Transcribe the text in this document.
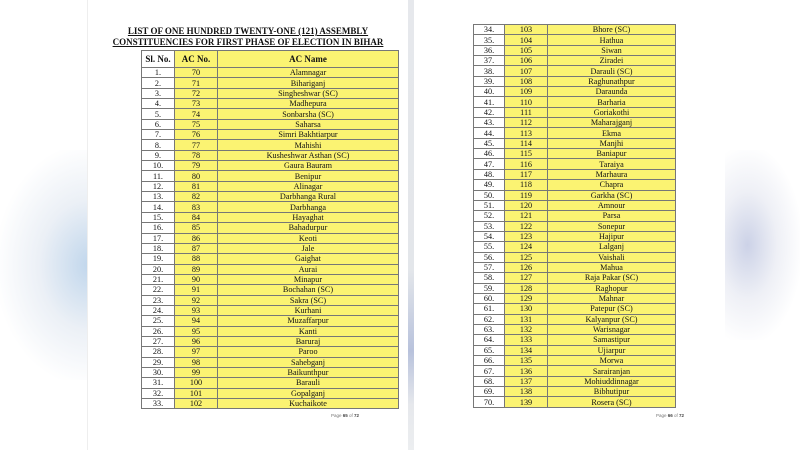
LIST OF ONE HUNDRED TWENTY-ONE (121) ASSEMBLY
CONSTITUENCIES FOR FIRST PHASE OF ELECTION IN BIHAR
Sl. No.	AC No.	AC Name
1.	70	Alamnagar
2.	71	Bihariganj
3.	72	Singheshwar (SC)
4.	73	Madhepura
5.	74	Sonbarsha (SC)
6.	75	Saharsa
7.	76	Simri Bakhtiarpur
8.	77	Mahishi
9.	78	Kusheshwar Asthan (SC)
10.	79	Gaura Bauram
11.	80	Benipur
12.	81	Alinagar
13.	82	Darbhanga Rural
14.	83	Darbhanga
15.	84	Hayaghat
16.	85	Bahadurpur
17.	86	Keoti
18.	87	Jale
19.	88	Gaighat
20.	89	Aurai
21.	90	Minapur
22.	91	Bochahan (SC)
23.	92	Sakra (SC)
24.	93	Kurhani
25.	94	Muzaffarpur
26.	95	Kanti
27.	96	Baruraj
28.	97	Paroo
29.	98	Sahebganj
30.	99	Baikunthpur
31.	100	Barauli
32.	101	Gopalganj
33.	102	Kuchaikote
Page 65 of 72
34.	103	Bhore (SC)
35.	104	Hathua
36.	105	Siwan
37.	106	Ziradei
38.	107	Darauli (SC)
39.	108	Raghunathpur
40.	109	Daraunda
41.	110	Barharia
42.	111	Goriakothi
43.	112	Maharajganj
44.	113	Ekma
45.	114	Manjhi
46.	115	Baniapur
47.	116	Taraiya
48.	117	Marhaura
49.	118	Chapra
50.	119	Garkha (SC)
51.	120	Amnour
52.	121	Parsa
53.	122	Sonepur
54.	123	Hajipur
55.	124	Lalganj
56.	125	Vaishali
57.	126	Mahua
58.	127	Raja Pakar (SC)
59.	128	Raghopur
60.	129	Mahnar
61.	130	Patepur (SC)
62.	131	Kalyanpur (SC)
63.	132	Warisnagar
64.	133	Samastipur
65.	134	Ujiarpur
66.	135	Morwa
67.	136	Sarairanjan
68.	137	Mohiuddinnagar
69.	138	Bibhutipur
70.	139	Rosera (SC)
Page 66 of 72
